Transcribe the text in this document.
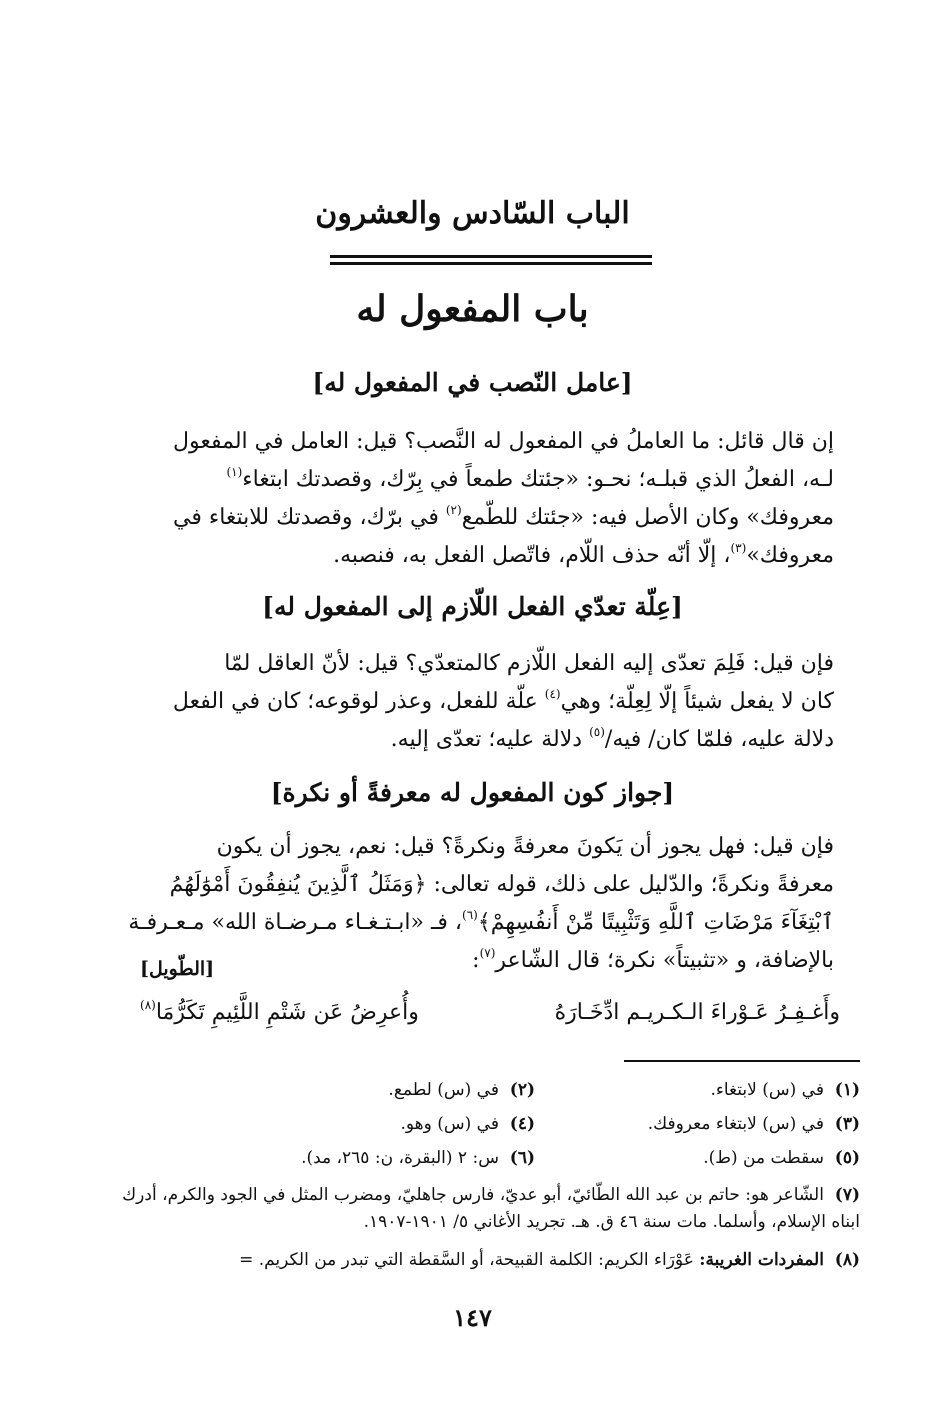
الباب السّادس والعشرون
باب المفعول له
[عامل النّصب في المفعول له]
إن قال قائل: ما العاملُ في المفعول له النَّصب؟ قيل: العامل في المفعول
لـه، الفعلُ الذي قبلـه؛ نحـو: «جئتك طمعاً في بِرّك، وقصدتك ابتغاء$^{(١)}$
معروفك» وكان الأصل فيه: «جئتك للطّمع$^{(٢)}$ في برّك، وقصدتك للابتغاء في
معروفك»$^{(٣)}$، إلّا أنّه حذف اللّام، فاتّصل الفعل به، فنصبه.
[عِلّة تعدّي الفعل اللّازم إلى المفعول له]
فإن قيل: فَلِمَ تعدّى إليه الفعل اللّازم كالمتعدّي؟ قيل: لأنّ العاقل لمّا
كان لا يفعل شيئاً إلّا لِعِلّة؛ وهي$^{(٤)}$ علّة للفعل، وعذر لوقوعه؛ كان في الفعل
دلالة عليه، فلمّا كان/ فيه/$^{(٥)}$ دلالة عليه؛ تعدّى إليه.
[جواز كون المفعول له معرفةً أو نكرة]
فإن قيل: فهل يجوز أن يَكونَ معرفةً ونكرةً؟ قيل: نعم، يجوز أن يكون
معرفةً ونكرةً؛ والدّليل على ذلك، قوله تعالى: ﴿وَمَثَلُ ٱلَّذِينَ يُنفِقُونَ أَمْوَٰلَهُمُ
ٱبْتِغَآءَ مَرْضَاتِ ٱللَّهِ وَتَثْبِيتًا مِّنْ أَنفُسِهِمْ﴾$^{(٦)}$، فـ «ابـتـغـاء مـرضـاة الله» مـعـرفـة
بالإضافة، و «تثبيتاً» نكرة؛ قال الشّاعر$^{(٧)}$:
[الطّويل]
وأَغـفِـرُ عَـوْراءَ الـكـريـم ادِّخَـارَهُ
وأُعرِضُ عَن شَتْمِ اللَّئِيمِ تَكَرُّمَا$^{(٨)}$
(١)  في (س) لابتغاء.
(٢)  في (س) لطمع.
(٣)  في (س) لابتغاء معروفك.
(٤)  في (س) وهو.
(٥)  سقطت من (ط).
(٦)  س: ٢ (البقرة، ن: ٢٦٥، مد).
(٧)  الشّاعر هو: حاتم بن عبد الله الطّائيّ، أبو عديّ، فارس جاهليّ، ومضرب المثل في الجود والكرم، أدرك ابناه الإسلام، وأسلما. مات سنة ٤٦ ق. هـ. تجريد الأغاني ٥/ ١٩٠١-١٩٠٧.
(٨)  المفردات الغريبة: عَوْرَاء الكريم: الكلمة القبيحة، أو السَّقطة التي تبدر من الكريم. =
١٤٧
